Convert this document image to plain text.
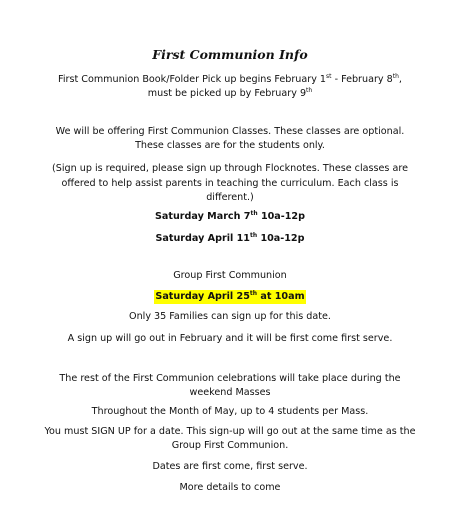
First Communion Info
First Communion Book/Folder Pick up begins February 1st - February 8th,
must be picked up by February 9th
We will be offering First Communion Classes. These classes are optional.
These classes are for the students only.
(Sign up is required, please sign up through Flocknotes. These classes are
offered to help assist parents in teaching the curriculum. Each class is
different.)
Saturday March 7th 10a-12p
Saturday April 11th 10a-12p
Group First Communion
Saturday April 25th at 10am
Only 35 Families can sign up for this date.
A sign up will go out in February and it will be first come first serve.
The rest of the First Communion celebrations will take place during the
weekend Masses
Throughout the Month of May, up to 4 students per Mass.
You must SIGN UP for a date. This sign-up will go out at the same time as the
Group First Communion.
Dates are first come, first serve.
More details to come
